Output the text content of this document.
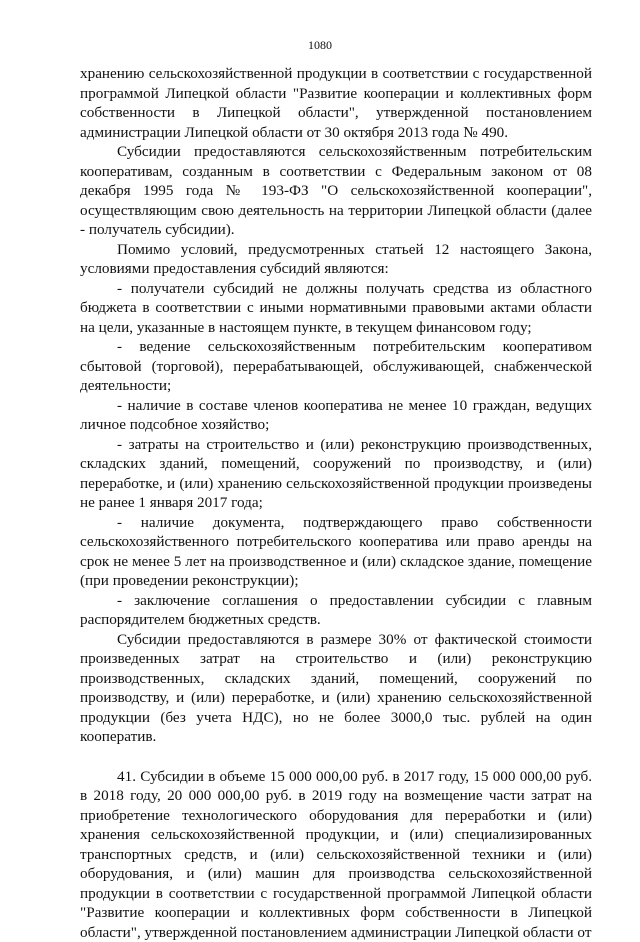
1080

хранению сельскохозяйственной продукции в соответствии с государственной программой Липецкой области "Развитие кооперации и коллективных форм собственности в Липецкой области", утвержденной постановлением администрации Липецкой области от 30 октября 2013 года № 490.

Субсидии предоставляются сельскохозяйственным потребительским кооперативам, созданным в соответствии с Федеральным законом от 08 декабря 1995 года № 193-ФЗ "О сельскохозяйственной кооперации", осуществляющим свою деятельность на территории Липецкой области (далее - получатель субсидии).

Помимо условий, предусмотренных статьей 12 настоящего Закона, условиями предоставления субсидий являются:

- получатели субсидий не должны получать средства из областного бюджета в соответствии с иными нормативными правовыми актами области на цели, указанные в настоящем пункте, в текущем финансовом году;

- ведение сельскохозяйственным потребительским кооперативом сбытовой (торговой), перерабатывающей, обслуживающей, снабженческой деятельности;

- наличие в составе членов кооператива не менее 10 граждан, ведущих личное подсобное хозяйство;

- затраты на строительство и (или) реконструкцию производственных, складских зданий, помещений, сооружений по производству, и (или) переработке, и (или) хранению сельскохозяйственной продукции произведены не ранее 1 января 2017 года;

- наличие документа, подтверждающего право собственности сельскохозяйственного потребительского кооператива или право аренды на срок не менее 5 лет на производственное и (или) складское здание, помещение (при проведении реконструкции);

- заключение соглашения о предоставлении субсидии с главным распорядителем бюджетных средств.

Субсидии предоставляются в размере 30% от фактической стоимости произведенных затрат на строительство и (или) реконструкцию производственных, складских зданий, помещений, сооружений по производству, и (или) переработке, и (или) хранению сельскохозяйственной продукции (без учета НДС), но не более 3000,0 тыс. рублей на один кооператив.

41. Субсидии в объеме 15 000 000,00 руб. в 2017 году, 15 000 000,00 руб. в 2018 году, 20 000 000,00 руб. в 2019 году на возмещение части затрат на приобретение технологического оборудования для переработки и (или) хранения сельскохозяйственной продукции, и (или) специализированных транспортных средств, и (или) сельскохозяйственной техники и (или) оборудования, и (или) машин для производства сельскохозяйственной продукции в соответствии с государственной программой Липецкой области "Развитие кооперации и коллективных форм собственности в Липецкой области", утвержденной постановлением администрации Липецкой области от
